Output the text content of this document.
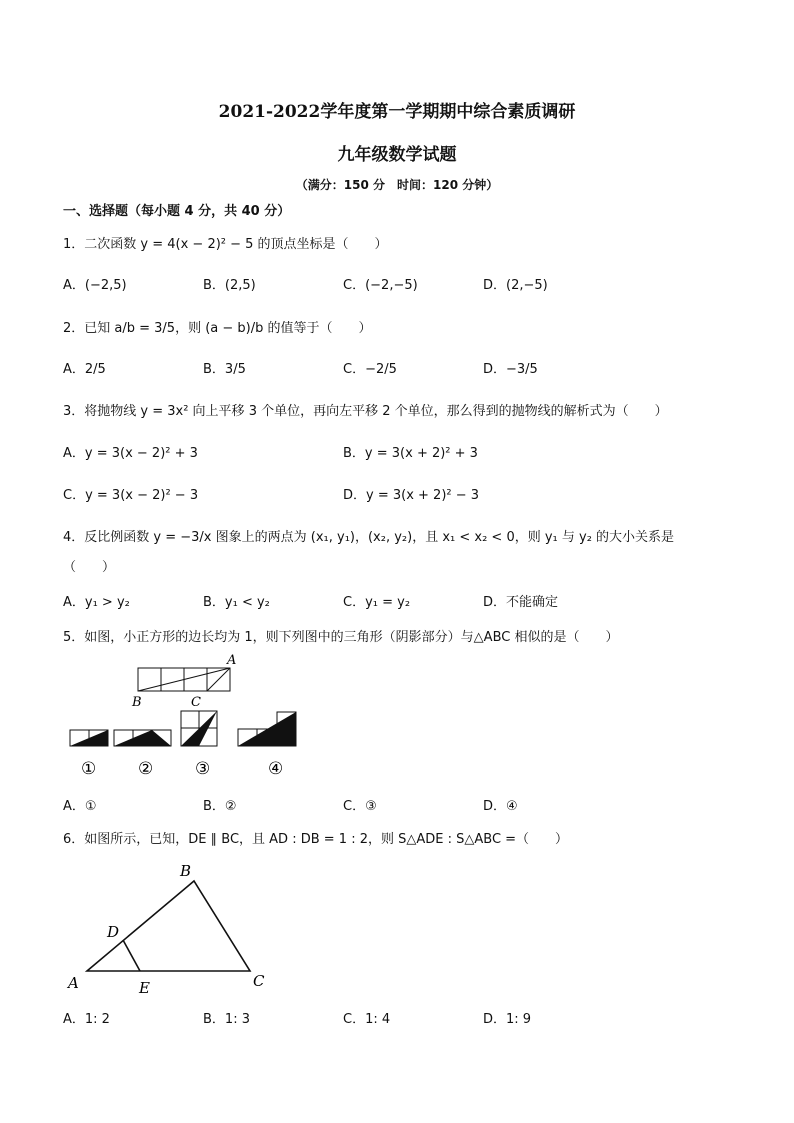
2021-2022学年度第一学期期中综合素质调研
九年级数学试题
（满分：150 分　时间：120 分钟）
一、选择题（每小题 4 分，共 40 分）
1．二次函数 y = 4(x − 2)² − 5 的顶点坐标是（　　）
A．(−2,5)	B．(2,5)	C．(−2,−5)	D．(2,−5)
2．已知 a/b = 3/5，则 (a − b)/b 的值等于（　　）
A．2/5	B．3/5	C．−2/5	D．−3/5
3．将抛物线 y = 3x² 向上平移 3 个单位，再向左平移 2 个单位，那么得到的抛物线的解析式为（　　）
A．y = 3(x − 2)² + 3	B．y = 3(x + 2)² + 3
C．y = 3(x − 2)² − 3	D．y = 3(x + 2)² − 3
4．反比例函数 y = −3/x 图象上的两点为 (x₁, y₁)，(x₂, y₂)，且 x₁ < x₂ < 0，则 y₁ 与 y₂ 的大小关系是
（　　）
A．y₁ > y₂	B．y₁ < y₂	C．y₁ = y₂	D．不能确定
5．如图，小正方形的边长均为 1，则下列图中的三角形（阴影部分）与△ABC 相似的是（　　）
A
B	C
① ② ③	④
A．①	B．②	C．③	D．④
6．如图所示，已知，DE ∥ BC，且 AD : DB = 1 : 2，则 S△ADE : S△ABC =（　　）
A
B
C
D
E
A．1: 2	B．1: 3	C．1: 4	D．1: 9
